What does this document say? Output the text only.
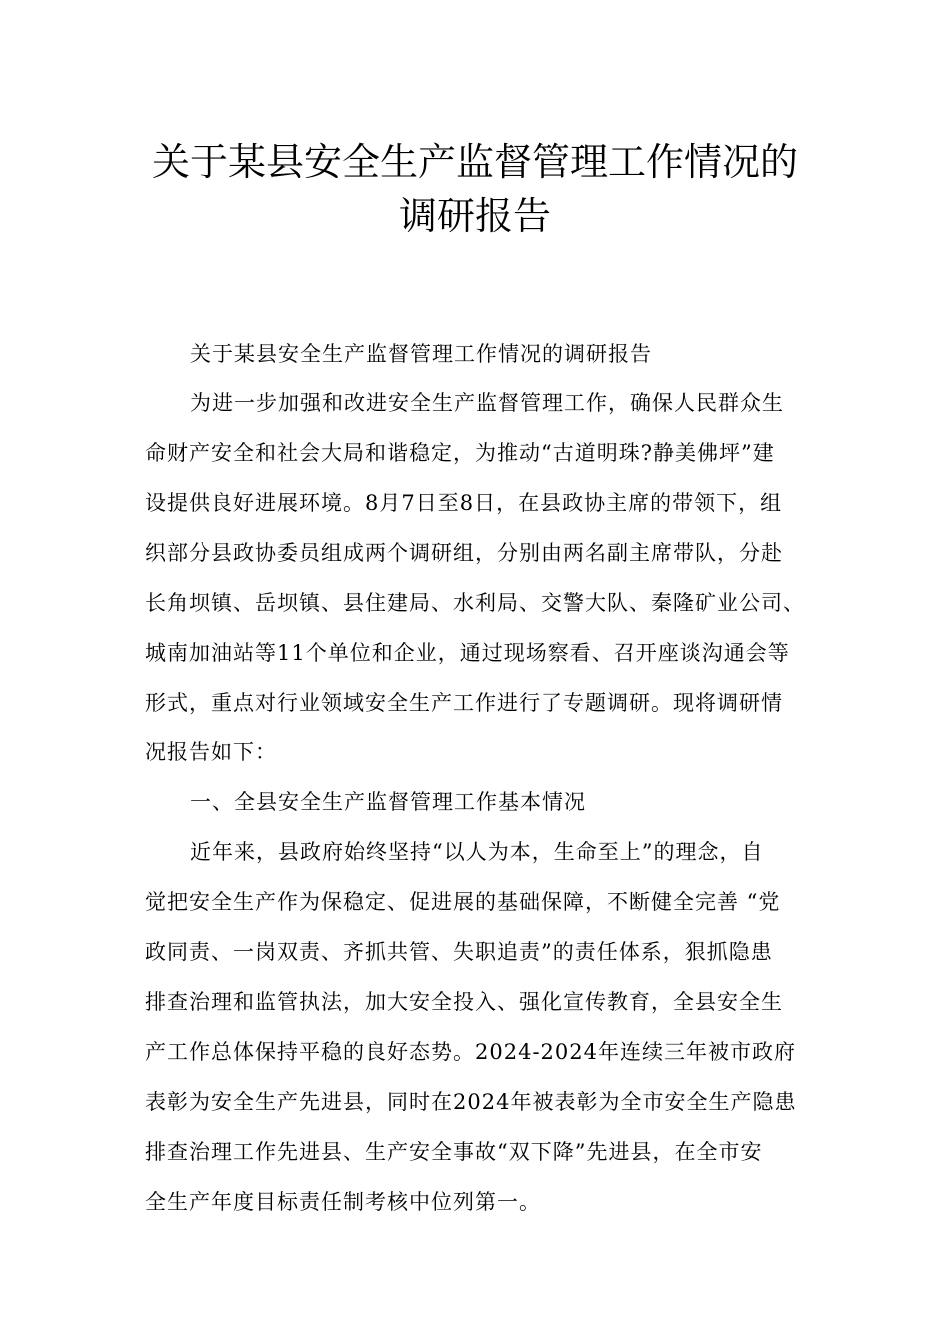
关于某县安全生产监督管理工作情况的
调研报告
关于某县安全生产监督管理工作情况的调研报告
为进一步加强和改进安全生产监督管理工作，确保人民群众生
命财产安全和社会大局和谐稳定，为推动“古道明珠?静美佛坪”建
设提供良好进展环境。8月7日至8日，在县政协主席的带领下，组
织部分县政协委员组成两个调研组，分别由两名副主席带队，分赴
长角坝镇、岳坝镇、县住建局、水利局、交警大队、秦隆矿业公司、
城南加油站等11个单位和企业，通过现场察看、召开座谈沟通会等
形式，重点对行业领域安全生产工作进行了专题调研。现将调研情
况报告如下：
一、全县安全生产监督管理工作基本情况
近年来，县政府始终坚持“以人为本，生命至上”的理念，自
觉把安全生产作为保稳定、促进展的基础保障，不断健全完善 “党
政同责、一岗双责、齐抓共管、失职追责”的责任体系，狠抓隐患
排查治理和监管执法，加大安全投入、强化宣传教育，全县安全生
产工作总体保持平稳的良好态势。2024-2024年连续三年被市政府
表彰为安全生产先进县，同时在2024年被表彰为全市安全生产隐患
排查治理工作先进县、生产安全事故“双下降”先进县，在全市安
全生产年度目标责任制考核中位列第一。
